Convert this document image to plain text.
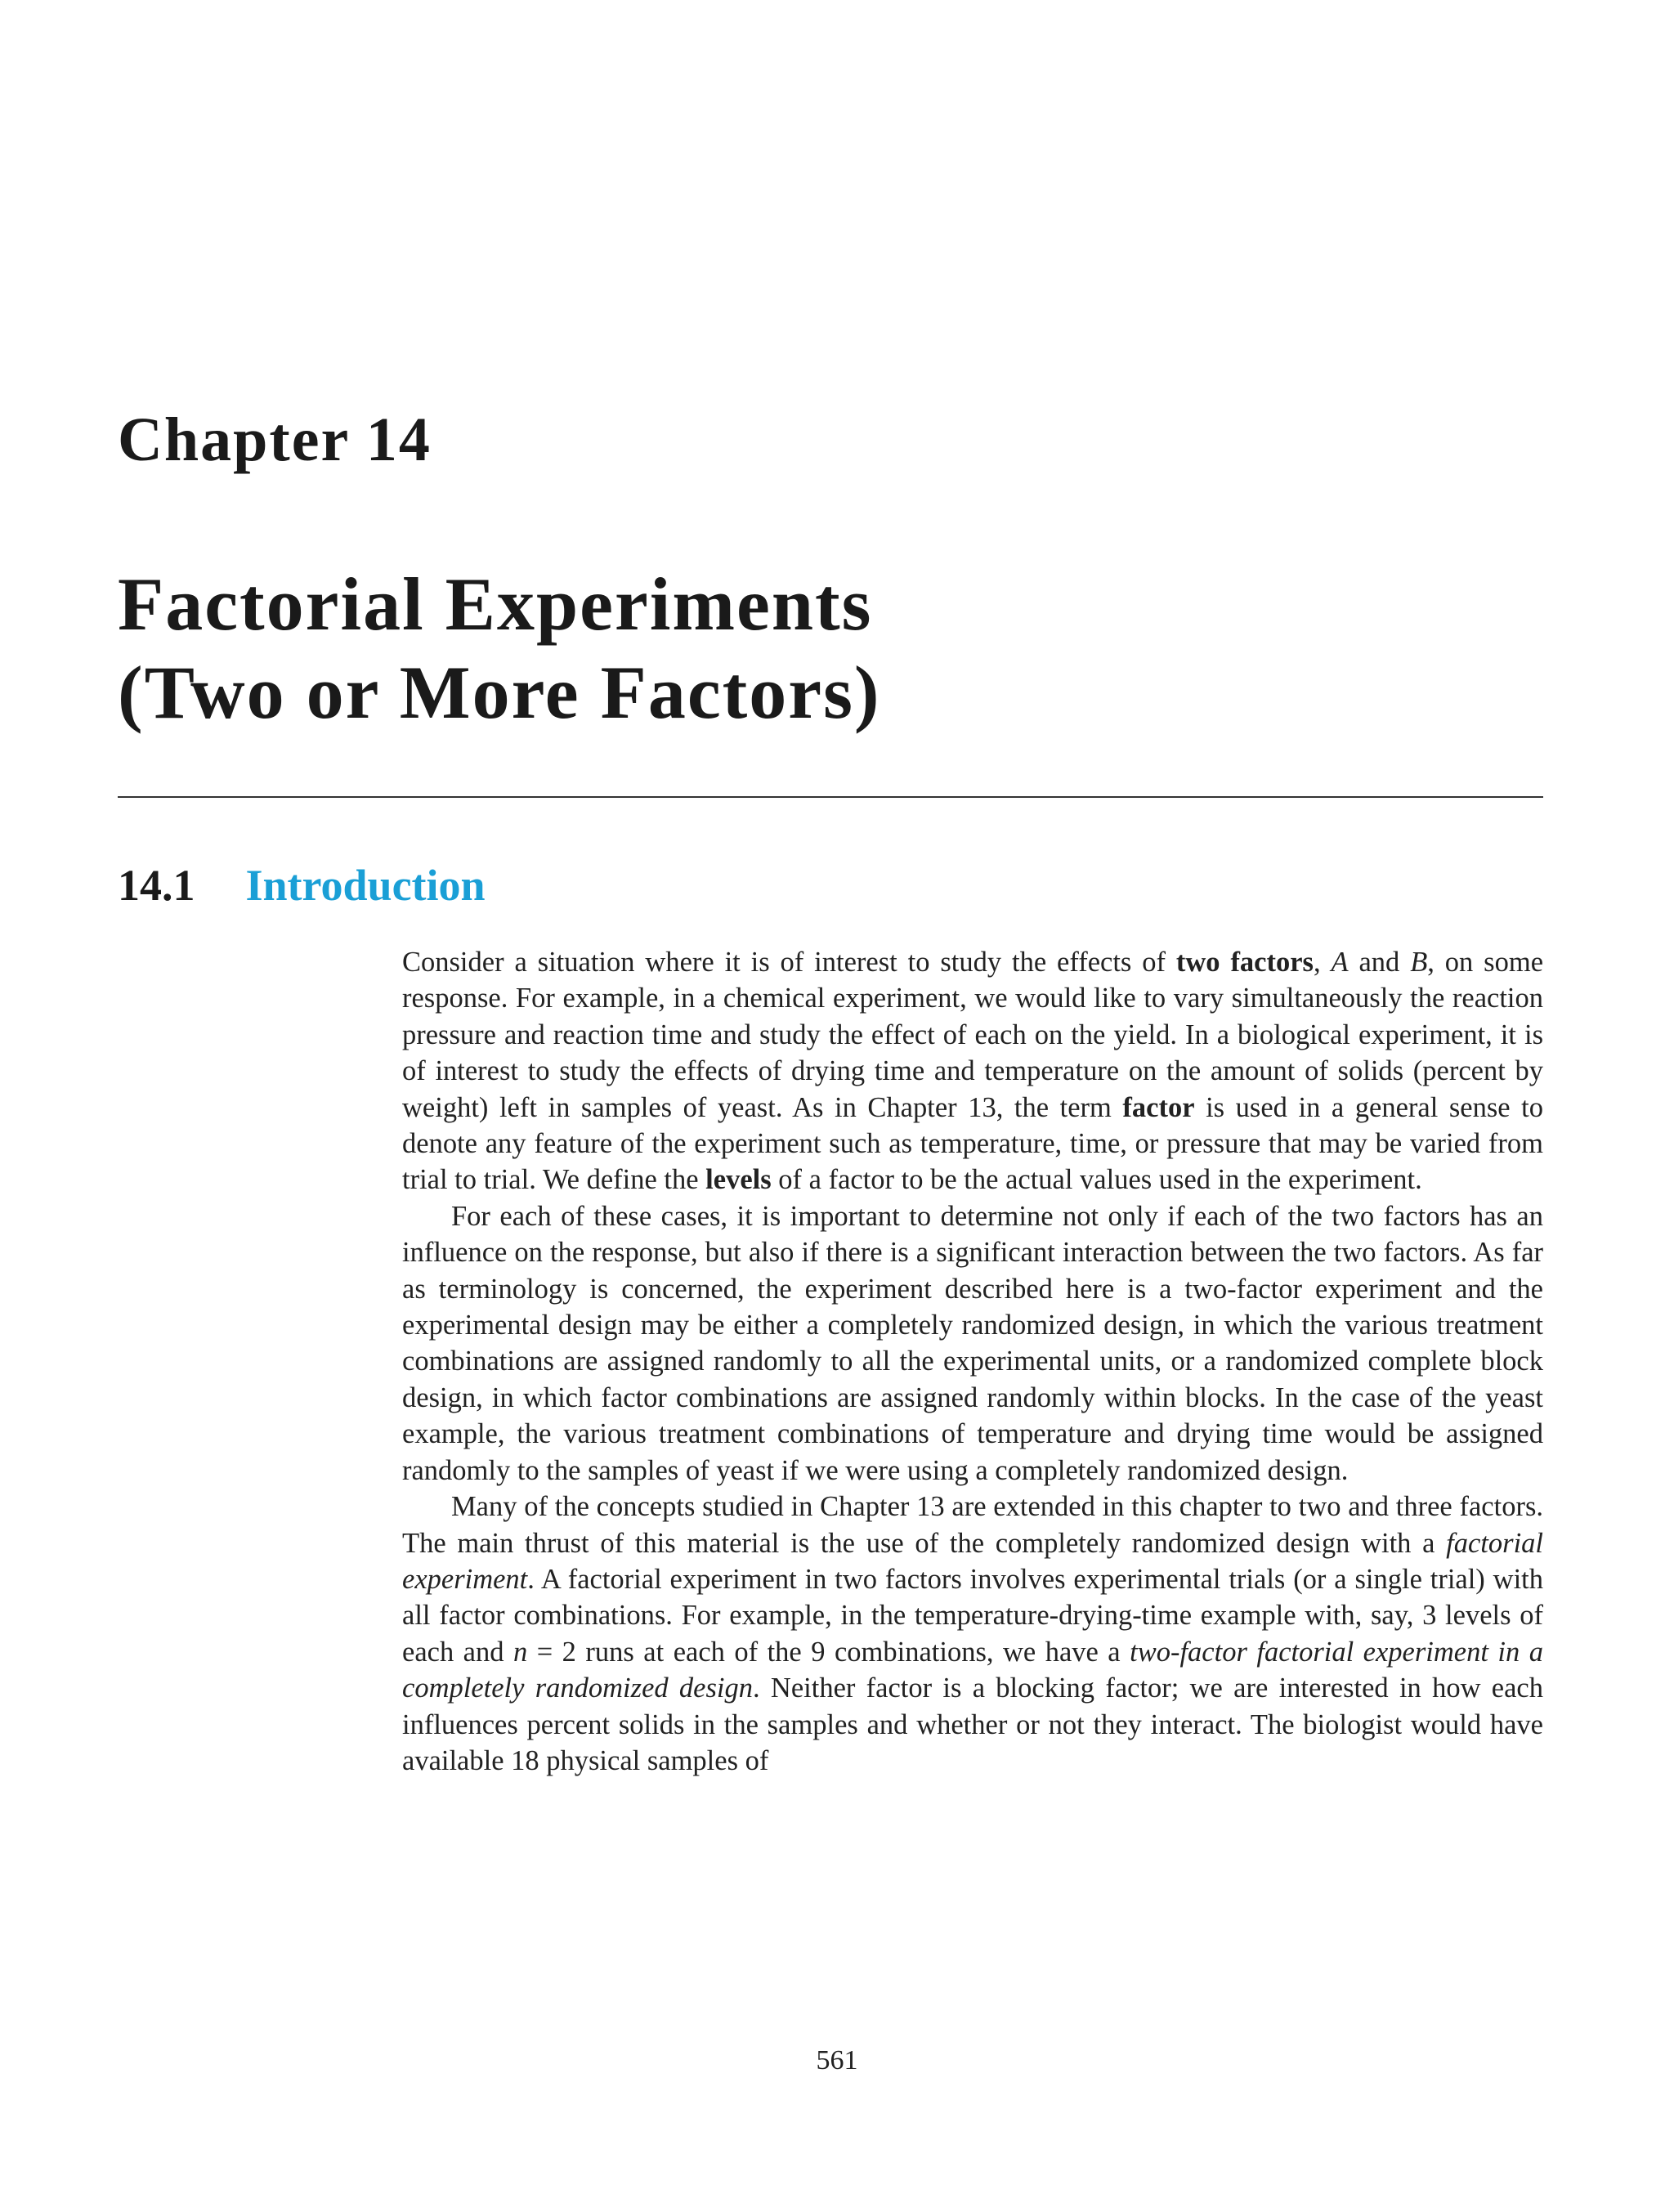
Chapter 14
Factorial Experiments
(Two or More Factors)
14.1 Introduction

Consider a situation where it is of interest to study the effects of two factors, A and B, on some response. For example, in a chemical experiment, we would like to vary simultaneously the reaction pressure and reaction time and study the effect of each on the yield. In a biological experiment, it is of interest to study the effects of drying time and temperature on the amount of solids (percent by weight) left in samples of yeast. As in Chapter 13, the term factor is used in a general sense to denote any feature of the experiment such as temperature, time, or pressure that may be varied from trial to trial. We define the levels of a factor to be the actual values used in the experiment.

For each of these cases, it is important to determine not only if each of the two factors has an influence on the response, but also if there is a significant interaction between the two factors. As far as terminology is concerned, the experiment described here is a two-factor experiment and the experimental design may be either a completely randomized design, in which the various treatment combinations are assigned randomly to all the experimental units, or a randomized complete block design, in which factor combinations are assigned randomly within blocks. In the case of the yeast example, the various treatment combinations of temperature and drying time would be assigned randomly to the samples of yeast if we were using a completely randomized design.

Many of the concepts studied in Chapter 13 are extended in this chapter to two and three factors. The main thrust of this material is the use of the completely randomized design with a factorial experiment. A factorial experiment in two factors involves experimental trials (or a single trial) with all factor combinations. For example, in the temperature-drying-time example with, say, 3 levels of each and n = 2 runs at each of the 9 combinations, we have a two-factor factorial experiment in a completely randomized design. Neither factor is a blocking factor; we are interested in how each influences percent solids in the samples and whether or not they interact. The biologist would have available 18 physical samples of

561
